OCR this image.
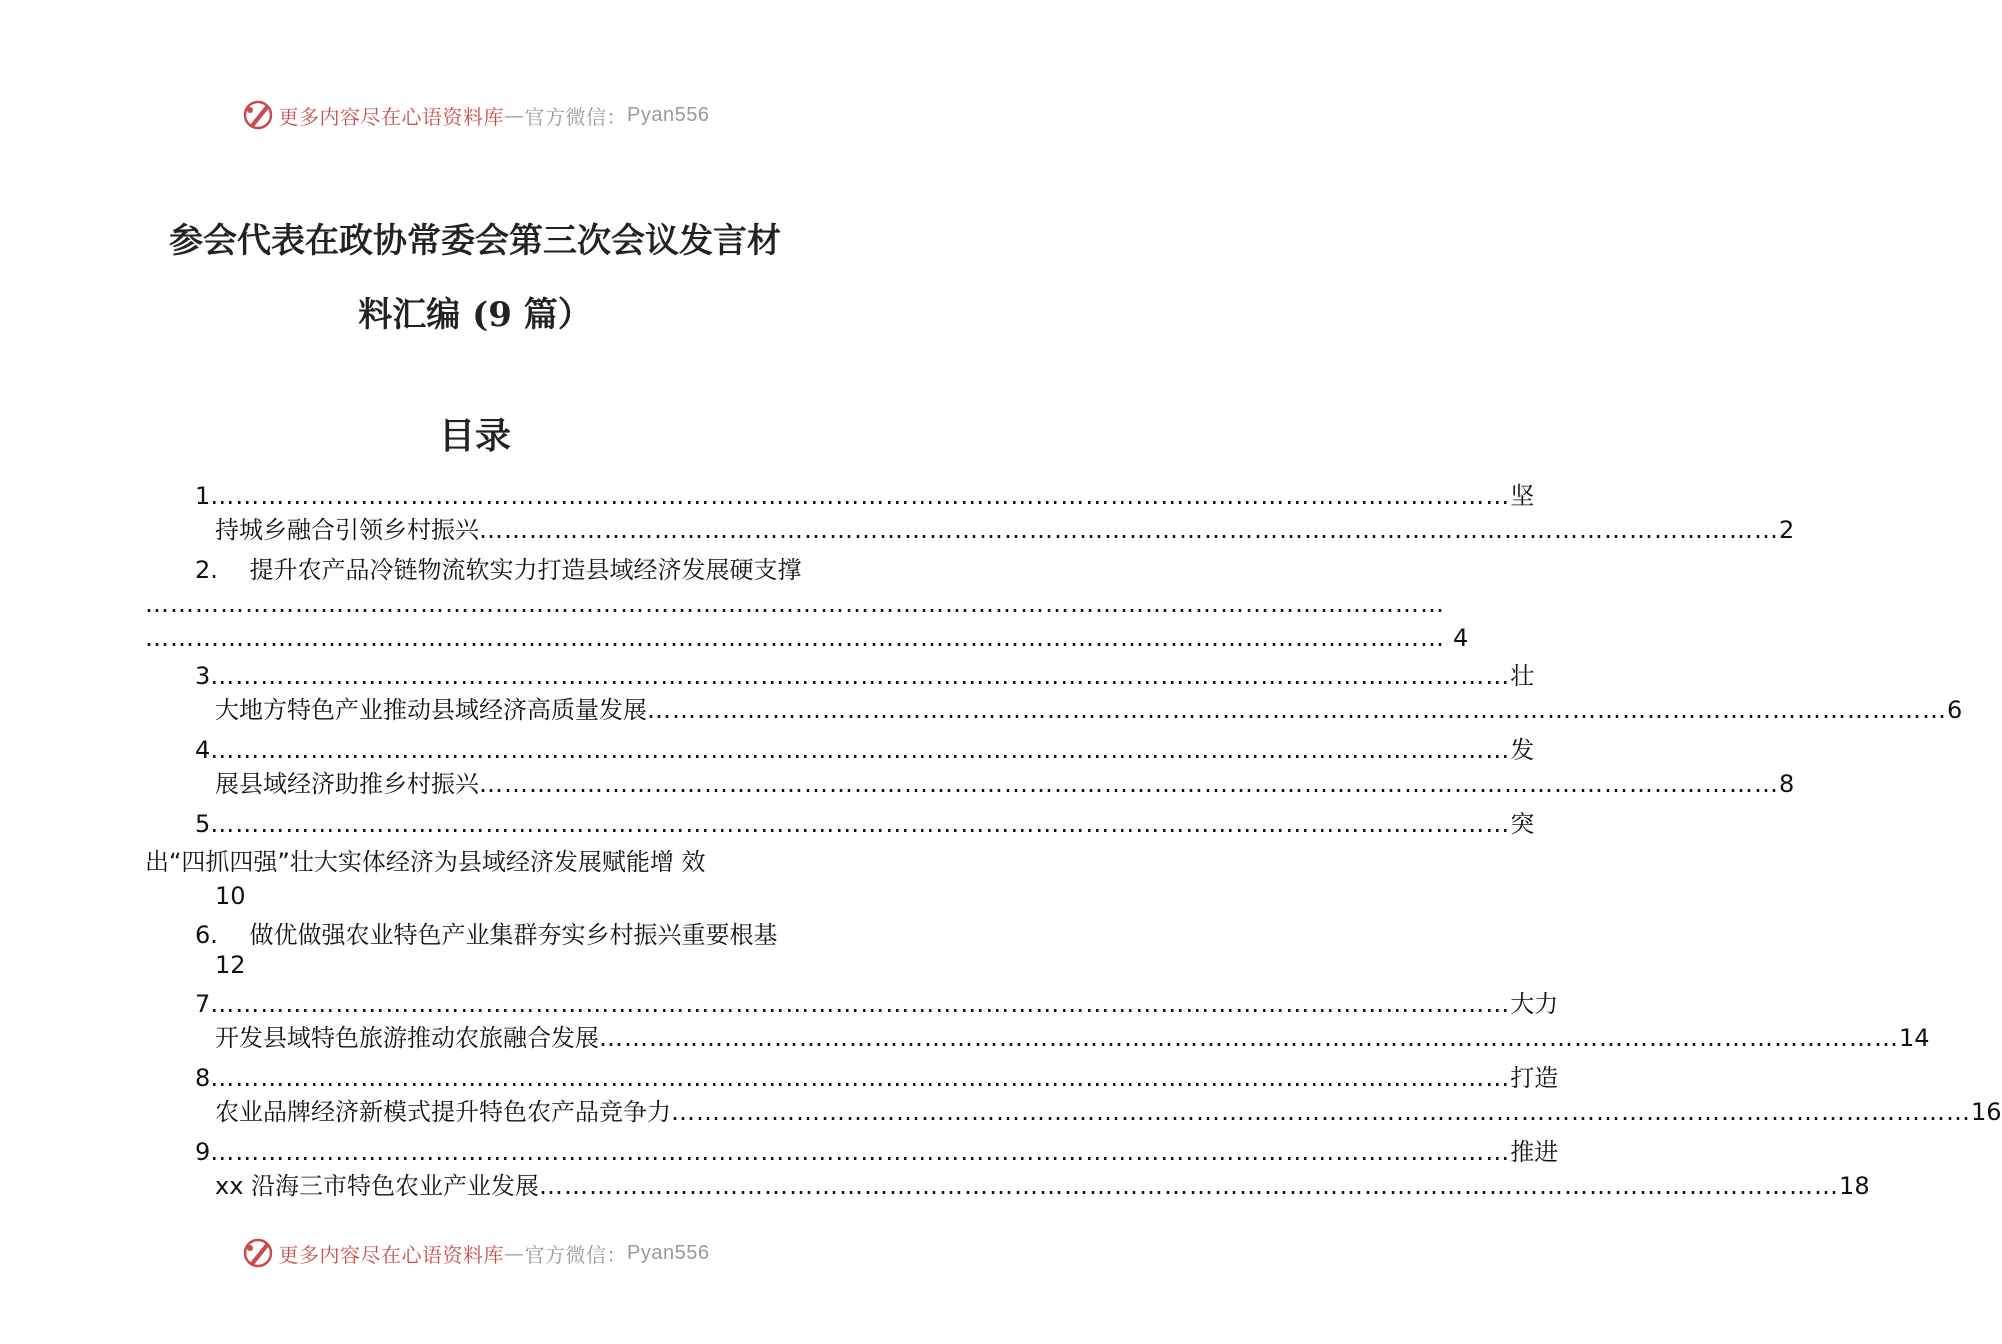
更多内容尽在心语资料库 — 官方微信： Pyan556
参会代表在政协常委会第三次会议发言材
料汇编 (9 篇）
目录
1 ………………………………………………………………………………………………………………………………………… 坚
持城乡融合引领乡村振兴 ………………………………………………………………………………………………………………………………………… 2
2. 提升农产品冷链物流软实力打造县域经济发展硬支撑
…………………………………………………………………………………………………………………………………………
………………………………………………………………………………………………………………………………………… 4
3 ………………………………………………………………………………………………………………………………………… 壮
大地方特色产业推动县域经济高质量发展 ………………………………………………………………………………………………………………………………………… 6
4 ………………………………………………………………………………………………………………………………………… 发
展县域经济助推乡村振兴 ………………………………………………………………………………………………………………………………………… 8
5 ………………………………………………………………………………………………………………………………………… 突
出“四抓四强”壮大实体经济为县域经济发展赋能增 效
10
6. 做优做强农业特色产业集群夯实乡村振兴重要根基
12
7 ………………………………………………………………………………………………………………………………………… 大力
开发县域特色旅游推动农旅融合发展 ………………………………………………………………………………………………………………………………………… 14
8 ………………………………………………………………………………………………………………………………………… 打造
农业品牌经济新模式提升特色农产品竞争力 ………………………………………………………………………………………………………………………………………… 16
9 ………………………………………………………………………………………………………………………………………… 推进
xx 沿海三市特色农业产业发展 ………………………………………………………………………………………………………………………………………… 18
更多内容尽在心语资料库 — 官方微信： Pyan556
